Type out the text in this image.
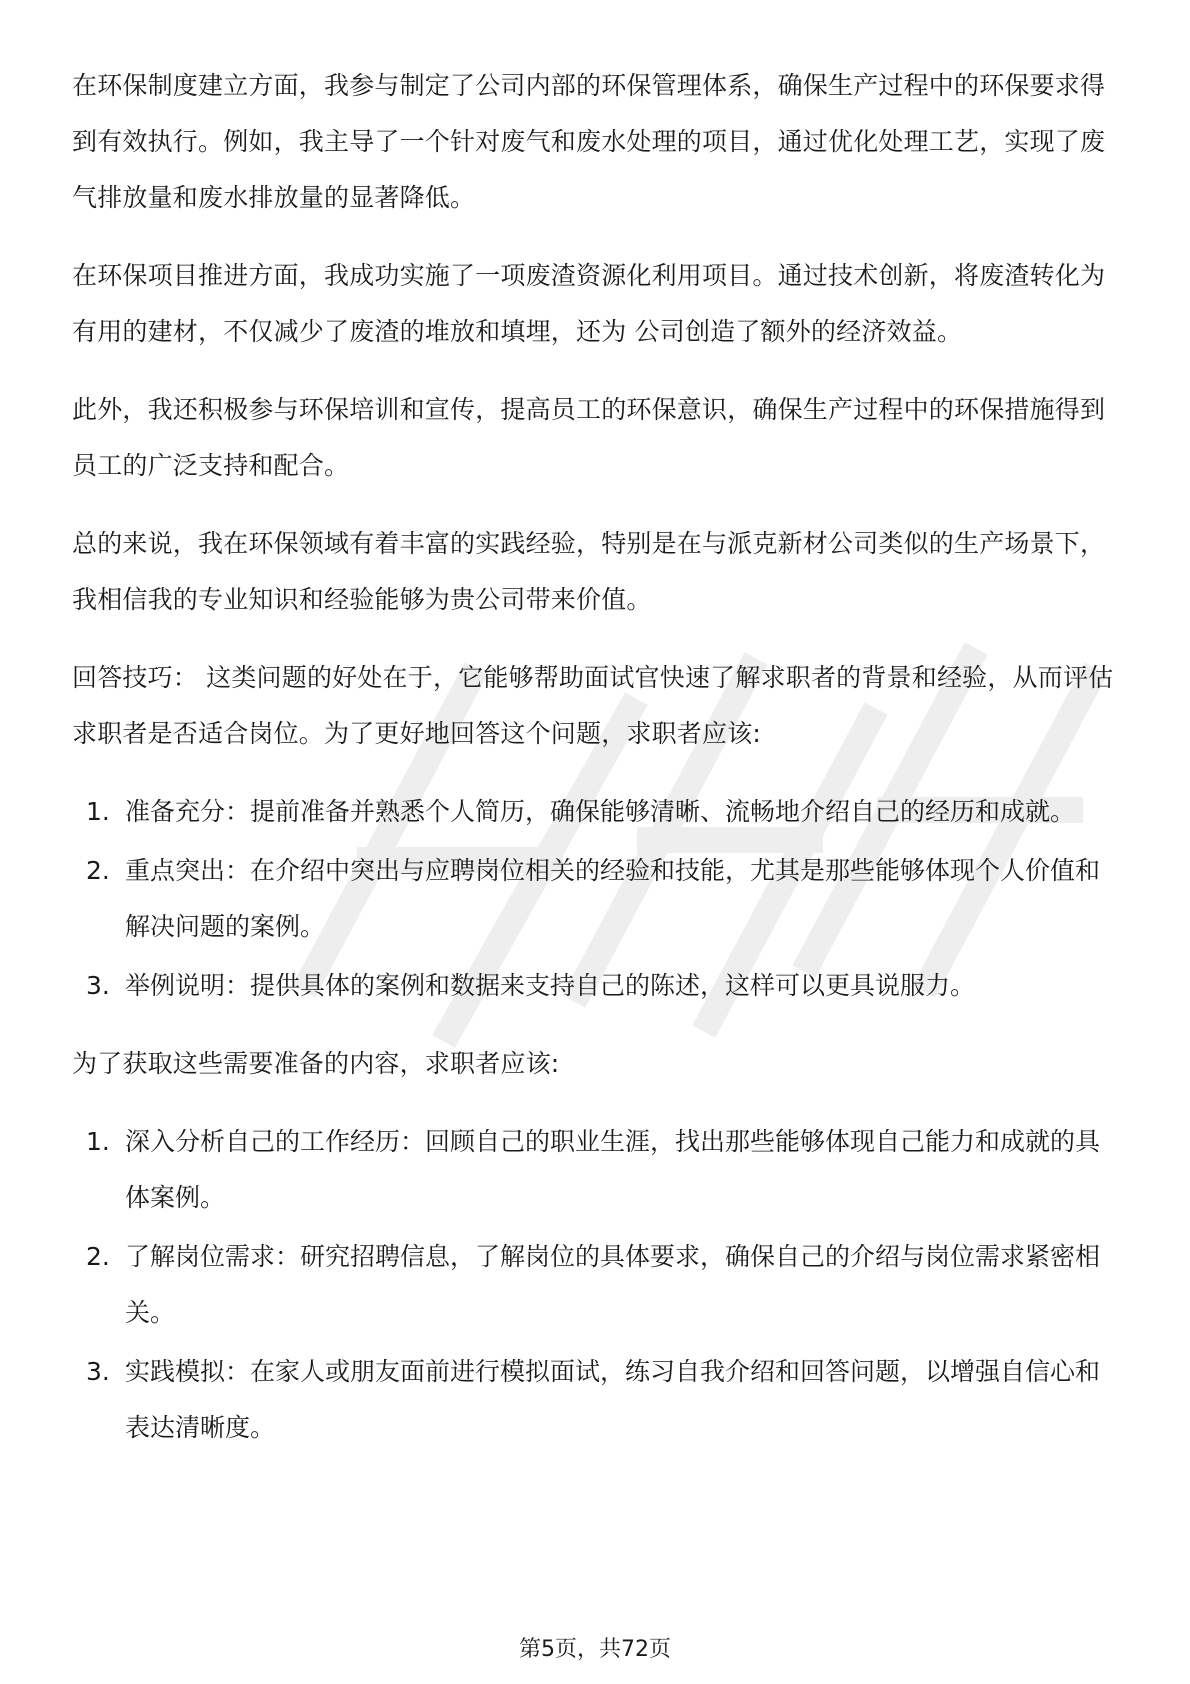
在环保制度建立方面，我参与制定了公司内部的环保管理体系，确保生产过程中的环保要求得到有效执行。例如，我主导了一个针对废气和废水处理的项目，通过优化处理工艺，实现了废气排放量和废水排放量的显著降低。

在环保项目推进方面，我成功实施了一项废渣资源化利用项目。通过技术创新，将废渣转化为有用的建材，不仅减少了废渣的堆放和填埋，还为 公司创造了额外的经济效益。

此外，我还积极参与环保培训和宣传，提高员工的环保意识，确保生产过程中的环保措施得到员工的广泛支持和配合。

总的来说，我在环保领域有着丰富的实践经验，特别是在与派克新材公司类似的生产场景下，我相信我的专业知识和经验能够为贵公司带来价值。

回答技巧： 这类问题的好处在于，它能够帮助面试官快速了解求职者的背景和经验，从而评估求职者是否适合岗位。为了更好地回答这个问题，求职者应该:

1. 准备充分：提前准备并熟悉个人简历，确保能够清晰、流畅地介绍自己的经历和成就。
2. 重点突出：在介绍中突出与应聘岗位相关的经验和技能，尤其是那些能够体现个人价值和解决问题的案例。
3. 举例说明：提供具体的案例和数据来支持自己的陈述，这样可以更具说服力。

为了获取这些需要准备的内容，求职者应该:

1. 深入分析自己的工作经历：回顾自己的职业生涯，找出那些能够体现自己能力和成就的具体案例。
2. 了解岗位需求：研究招聘信息，了解岗位的具体要求，确保自己的介绍与岗位需求紧密相关。
3. 实践模拟：在家人或朋友面前进行模拟面试，练习自我介绍和回答问题，以增强自信心和表达清晰度。
第5页，共72页
